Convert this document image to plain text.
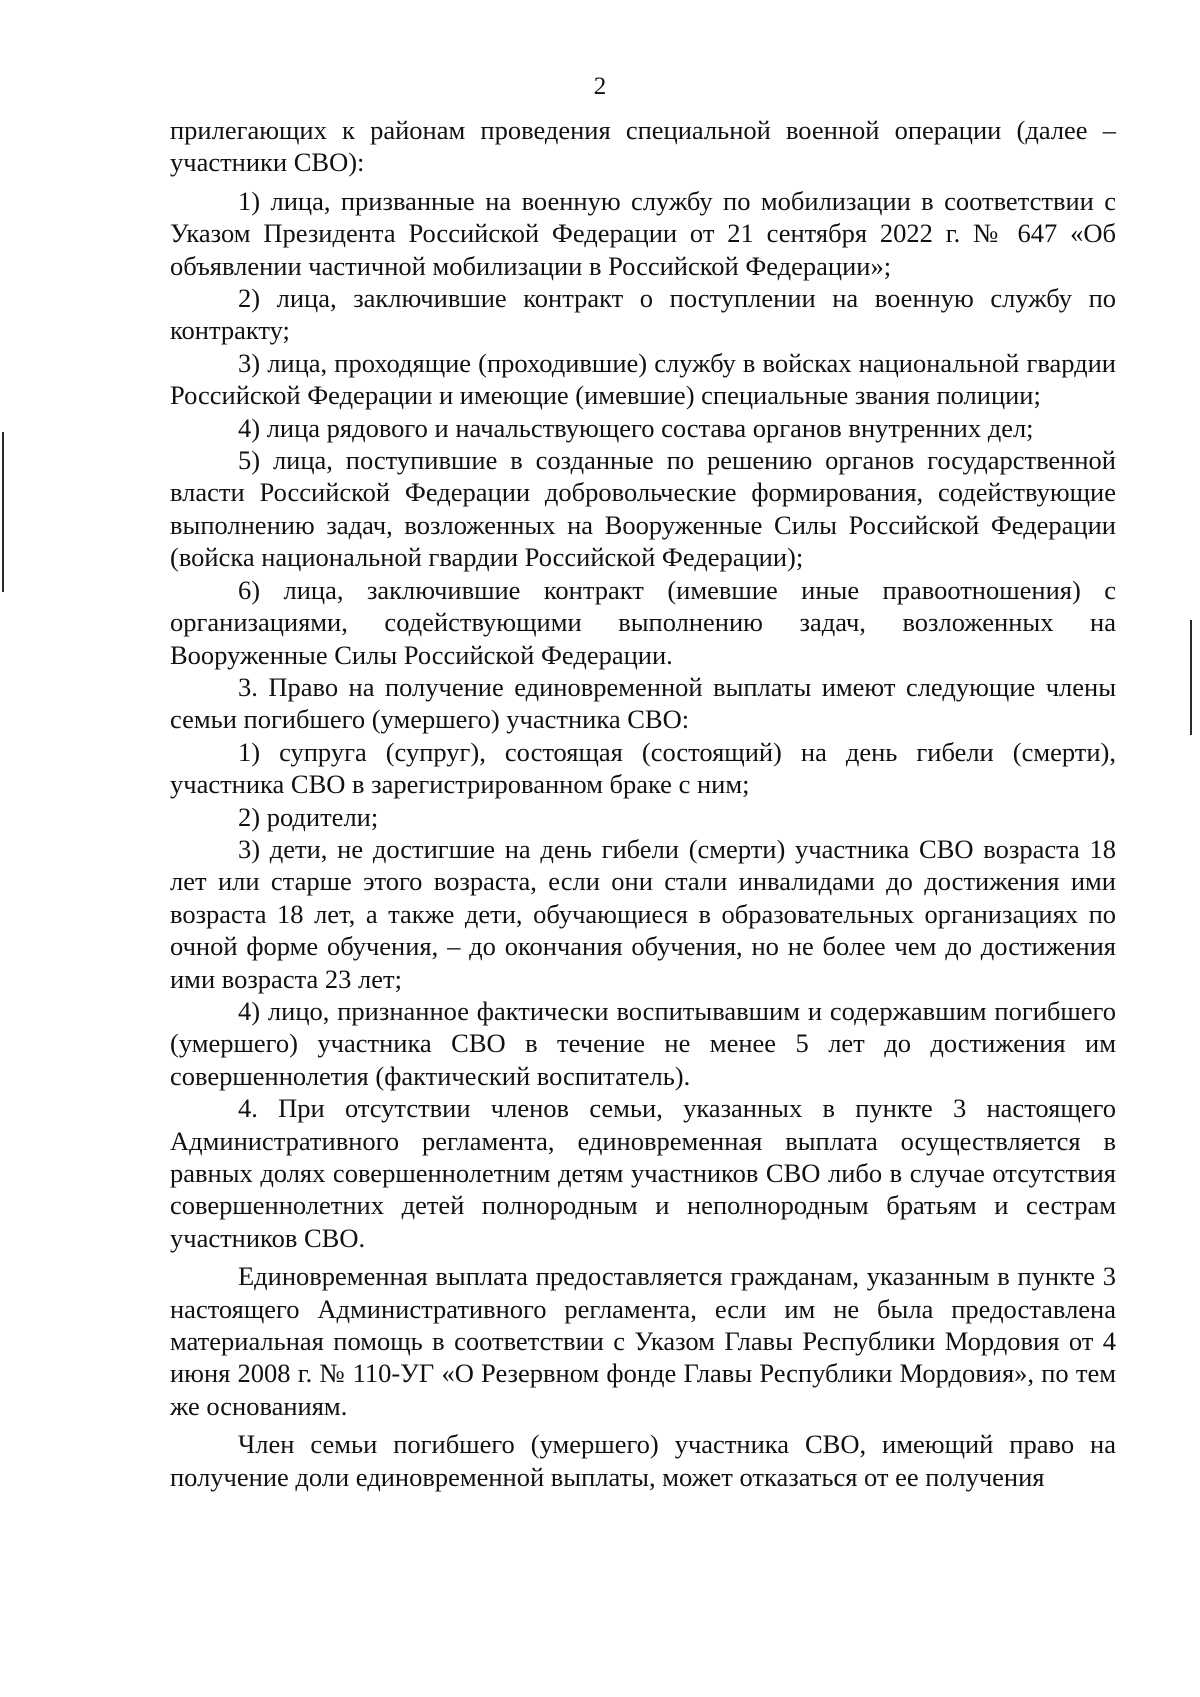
2

прилегающих к районам проведения специальной военной операции (далее – участники СВО):

1) лица, призванные на военную службу по мобилизации в соответствии с Указом Президента Российской Федерации от 21 сентября 2022 г. № 647 «Об объявлении частичной мобилизации в Российской Федерации»;

2) лица, заключившие контракт о поступлении на военную службу по контракту;

3) лица, проходящие (проходившие) службу в войсках национальной гвардии Российской Федерации и имеющие (имевшие) специальные звания полиции;

4) лица рядового и начальствующего состава органов внутренних дел;

5) лица, поступившие в созданные по решению органов государственной власти Российской Федерации добровольческие формирования, содействующие выполнению задач, возложенных на Вооруженные Силы Российской Федерации (войска национальной гвардии Российской Федерации);

6) лица, заключившие контракт (имевшие иные правоотношения) с организациями, содействующими выполнению задач, возложенных на Вооруженные Силы Российской Федерации.

3. Право на получение единовременной выплаты имеют следующие члены семьи погибшего (умершего) участника СВО:

1) супруга (супруг), состоящая (состоящий) на день гибели (смерти), участника СВО в зарегистрированном браке с ним;

2) родители;

3) дети, не достигшие на день гибели (смерти) участника СВО возраста 18 лет или старше этого возраста, если они стали инвалидами до достижения ими возраста 18 лет, а также дети, обучающиеся в образовательных организациях по очной форме обучения, – до окончания обучения, но не более чем до достижения ими возраста 23 лет;

4) лицо, признанное фактически воспитывавшим и содержавшим погибшего (умершего) участника СВО в течение не менее 5 лет до достижения им совершеннолетия (фактический воспитатель).

4. При отсутствии членов семьи, указанных в пункте 3 настоящего Административного регламента, единовременная выплата осуществляется в равных долях совершеннолетним детям участников СВО либо в случае отсутствия совершеннолетних детей полнородным и неполнородным братьям и сестрам участников СВО.

Единовременная выплата предоставляется гражданам, указанным в пункте 3 настоящего Административного регламента, если им не была предоставлена материальная помощь в соответствии с Указом Главы Республики Мордовия от 4 июня 2008 г. № 110-УГ «О Резервном фонде Главы Республики Мордовия», по тем же основаниям.

Член семьи погибшего (умершего) участника СВО, имеющий право на получение доли единовременной выплаты, может отказаться от ее получения
